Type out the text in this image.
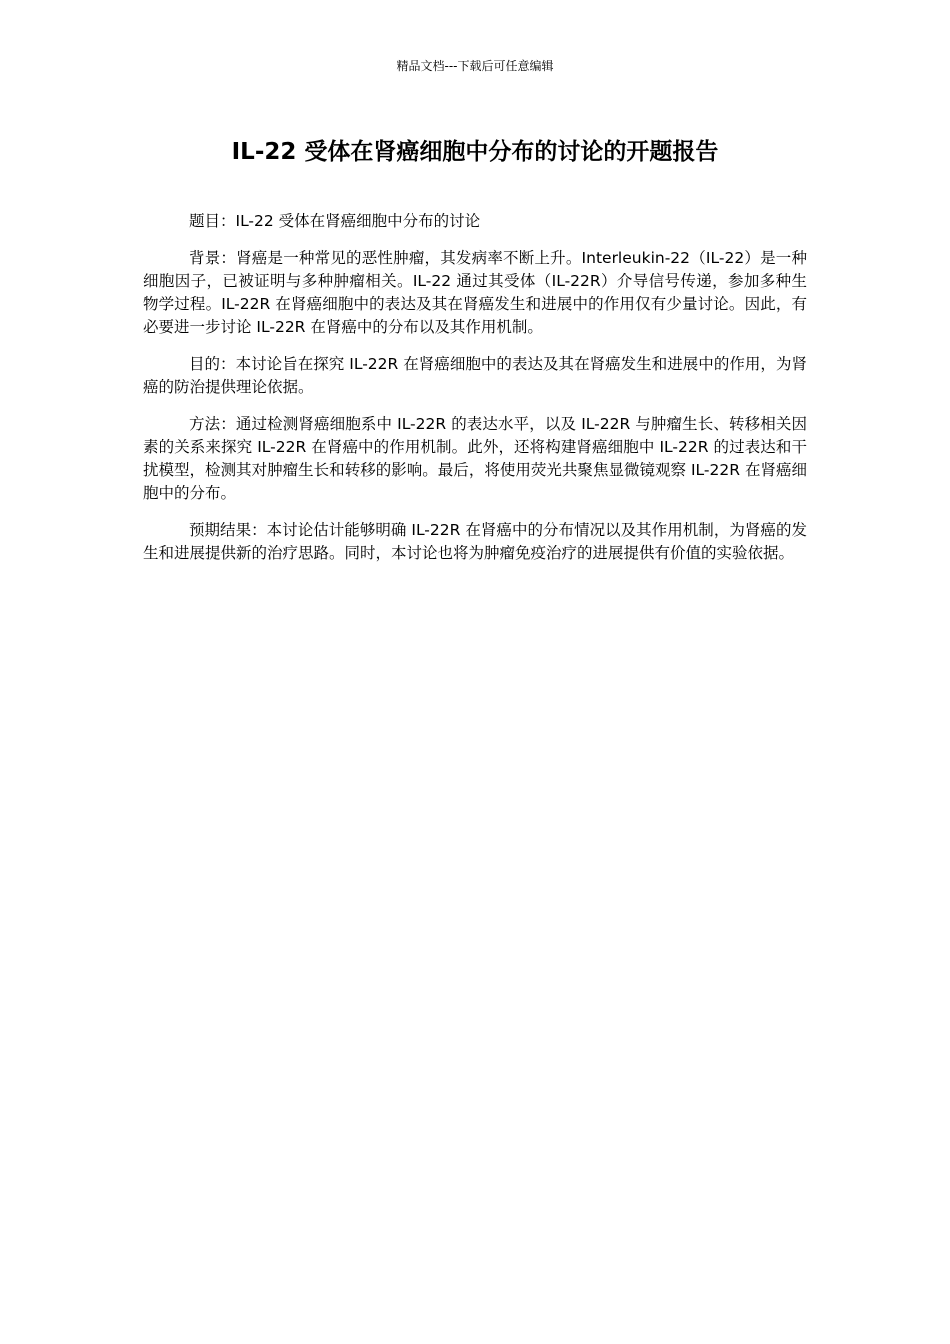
精品文档---下载后可任意编辑
IL-22 受体在肾癌细胞中分布的讨论的开题报告

题目：IL-22 受体在肾癌细胞中分布的讨论

背景：肾癌是一种常见的恶性肿瘤，其发病率不断上升。Interleukin-22（IL-22）是一种细胞因子，已被证明与多种肿瘤相关。IL-22 通过其受体（IL-22R）介导信号传递，参加多种生物学过程。IL-22R 在肾癌细胞中的表达及其在肾癌发生和进展中的作用仅有少量讨论。因此，有必要进一步讨论 IL-22R 在肾癌中的分布以及其作用机制。

目的：本讨论旨在探究 IL-22R 在肾癌细胞中的表达及其在肾癌发生和进展中的作用，为肾癌的防治提供理论依据。

方法：通过检测肾癌细胞系中 IL-22R 的表达水平，以及 IL-22R 与肿瘤生长、转移相关因素的关系来探究 IL-22R 在肾癌中的作用机制。此外，还将构建肾癌细胞中 IL-22R 的过表达和干扰模型，检测其对肿瘤生长和转移的影响。最后，将使用荧光共聚焦显微镜观察 IL-22R 在肾癌细胞中的分布。

预期结果：本讨论估计能够明确 IL-22R 在肾癌中的分布情况以及其作用机制，为肾癌的发生和进展提供新的治疗思路。同时，本讨论也将为肿瘤免疫治疗的进展提供有价值的实验依据。
